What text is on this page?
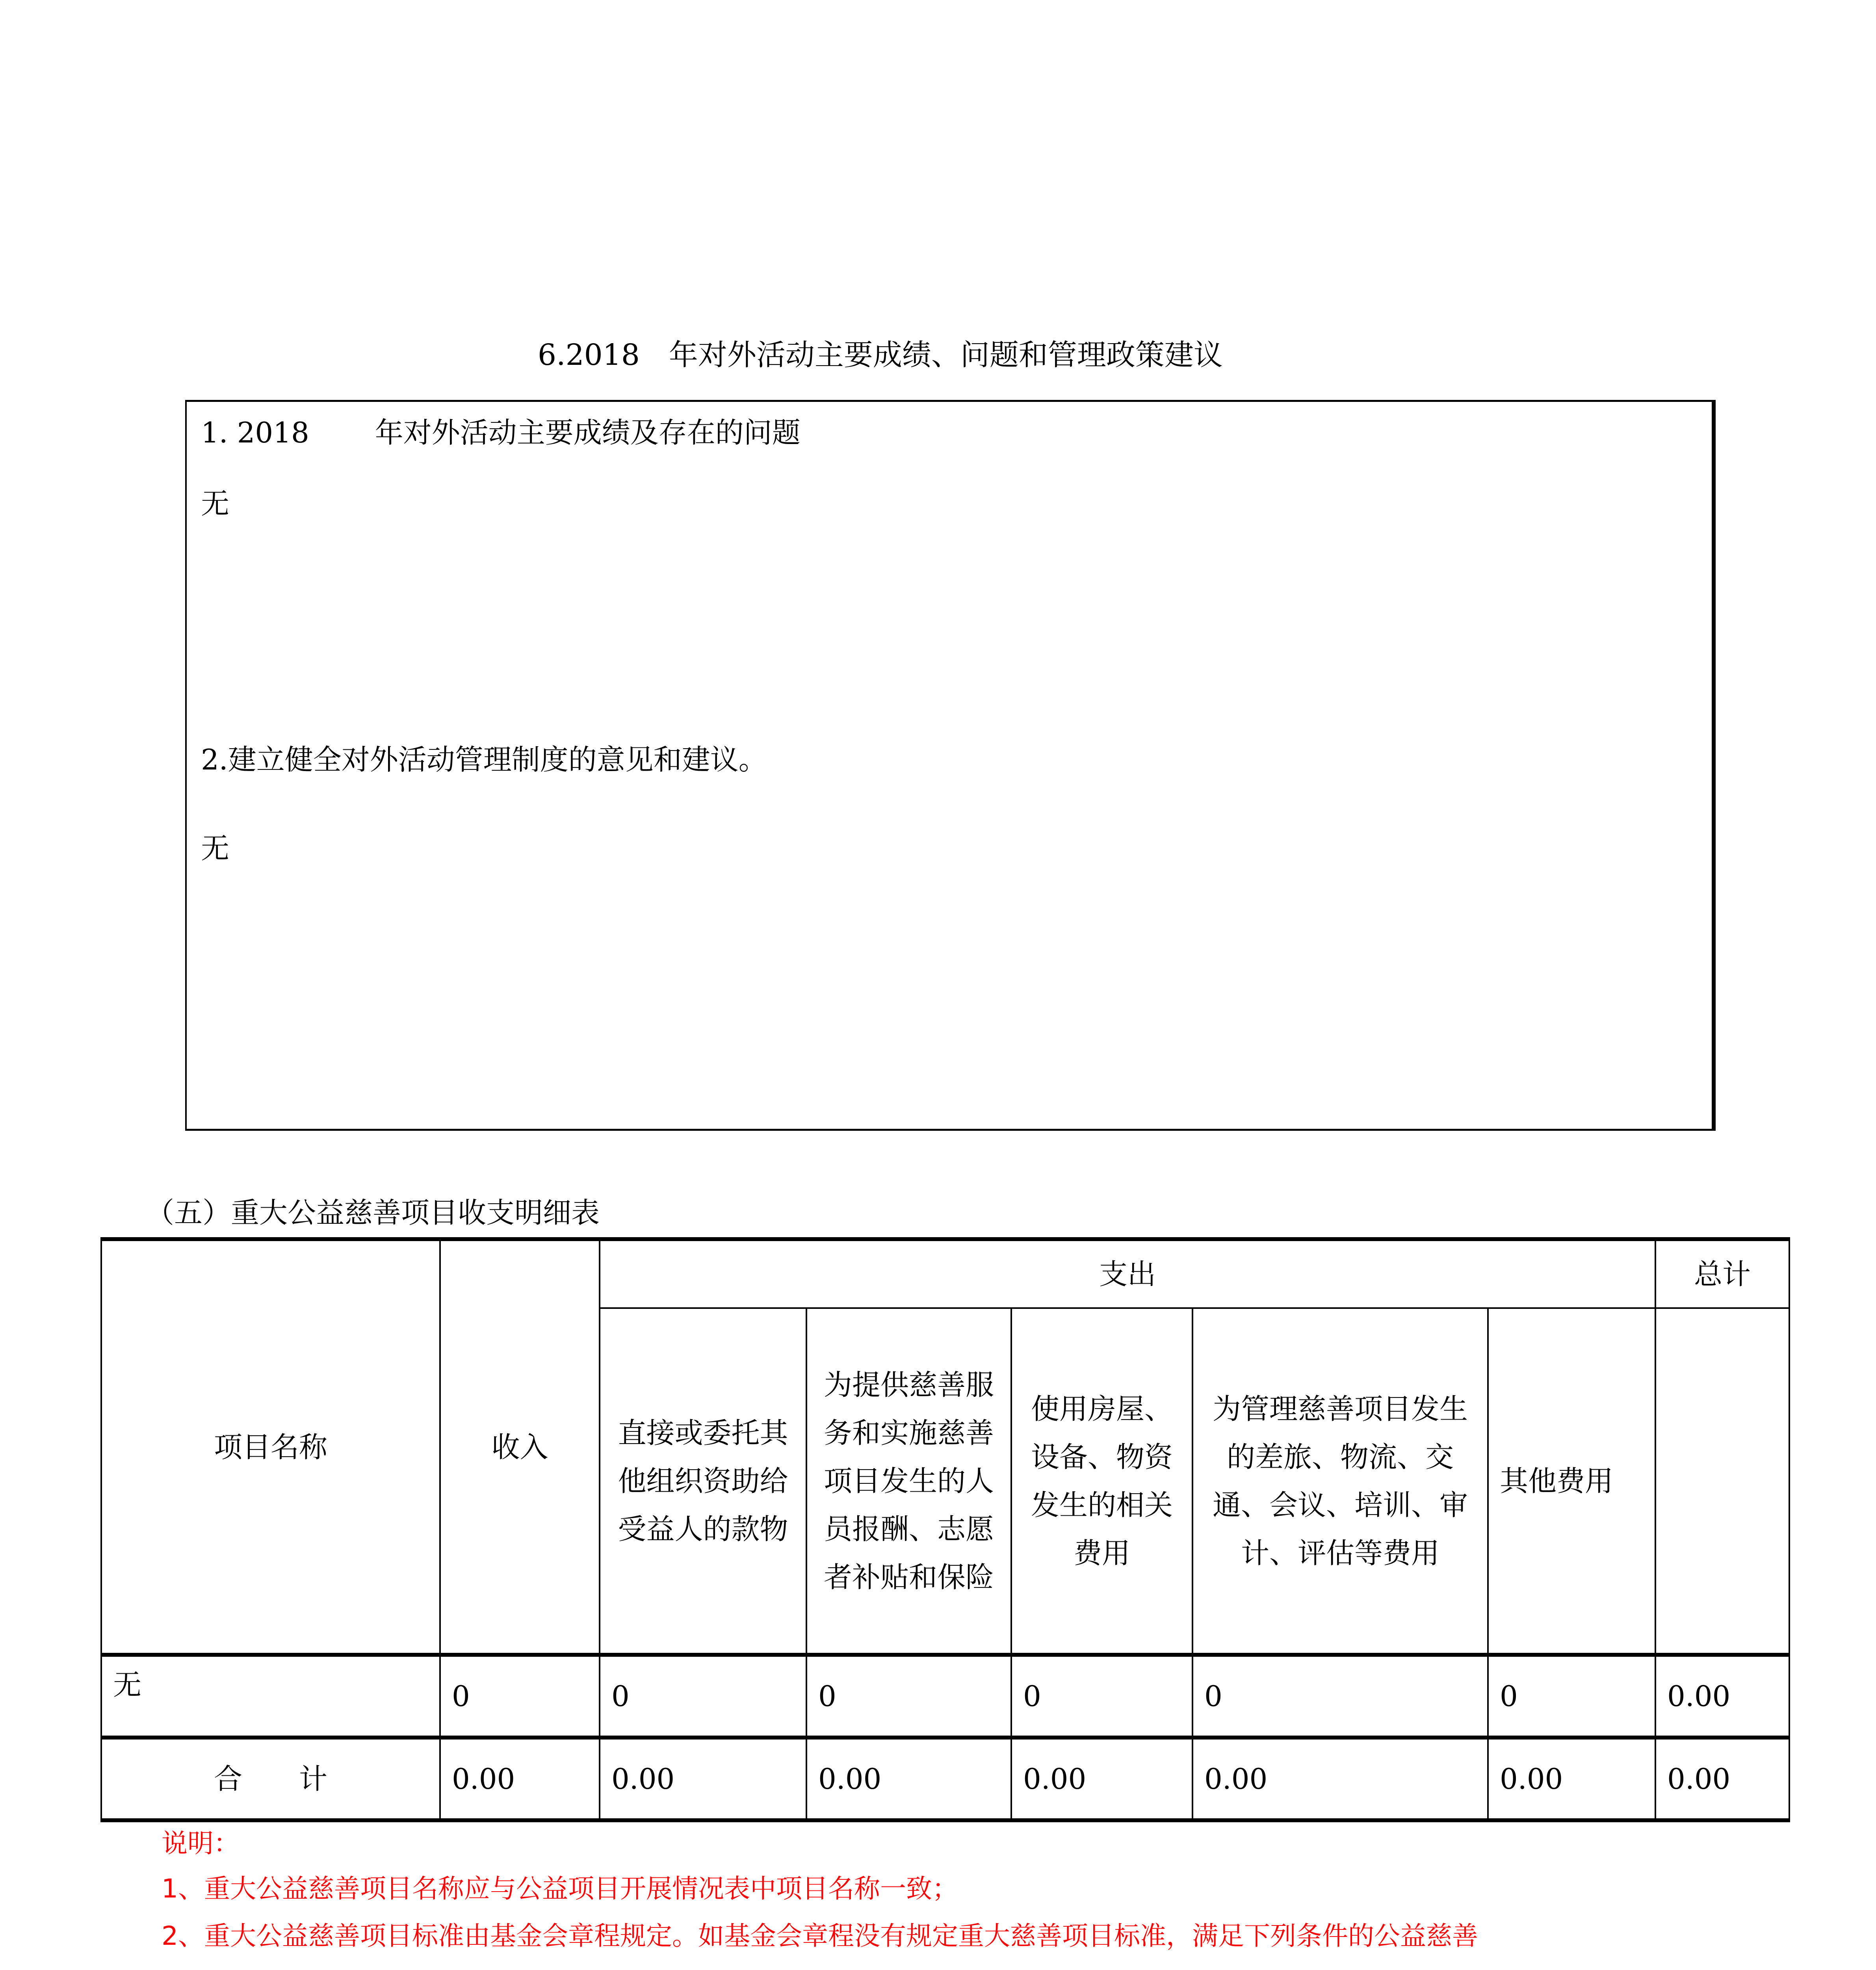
6.2018　年对外活动主要成绩、问题和管理政策建议
1. 2018　　 年对外活动主要成绩及存在的问题
无
2.建立健全对外活动管理制度的意见和建议。
无
（五）重大公益慈善项目收支明细表
项目名称	收入	支出					总计
		直接或委托其他组织资助给受益人的款物	为提供慈善服务和实施慈善项目发生的人员报酬、志愿者补贴和保险	使用房屋、设备、物资发生的相关费用	为管理慈善项目发生的差旅、物流、交通、会议、培训、审计、评估等费用	其他费用	
无	0	0	0	0	0	0	0.00
合　　计	0.00	0.00	0.00	0.00	0.00	0.00	0.00
说明：
1、重大公益慈善项目名称应与公益项目开展情况表中项目名称一致；
2、重大公益慈善项目标准由基金会章程规定。如基金会章程没有规定重大慈善项目标准，满足下列条件的公益慈善
